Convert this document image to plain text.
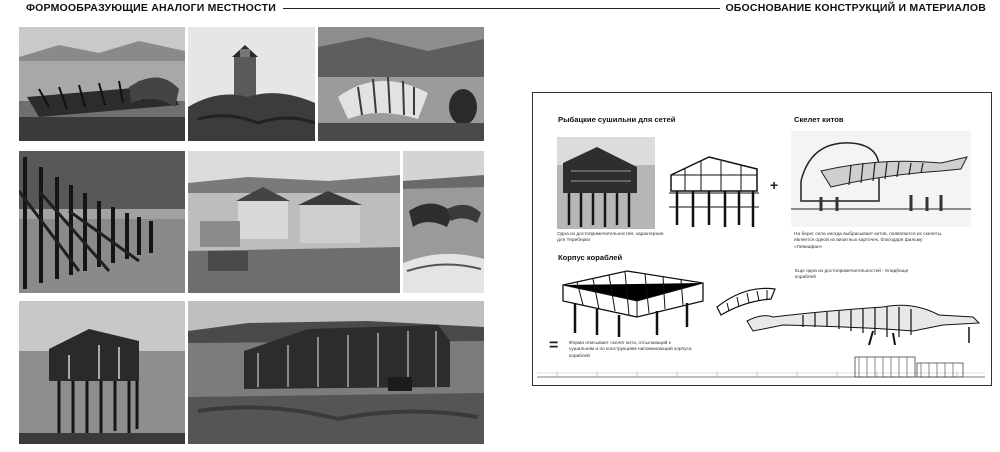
ФОРМООБРАЗУЮЩИЕ АНАЛОГИ МЕСТНОСТИ	ОБОСНОВАНИЕ КОНСТРУКЦИЙ И МАТЕРИАЛОВ
Рыбацкие сушильни для сетей
Одна из достопримечательностей, характерная для Териберки
+
Скелет китов
На берег села иногда выбрасывает китов, появляются их скелеты, является одной из визитных карточек, благодаря фильму «Левиафан»
Корпус кораблей
Еще одна из достопримечательностей - Кладбище кораблей
= Форма описывает скелет кита, отсылающий к сушильням и по конструкциям напоминающий корпуса кораблей
